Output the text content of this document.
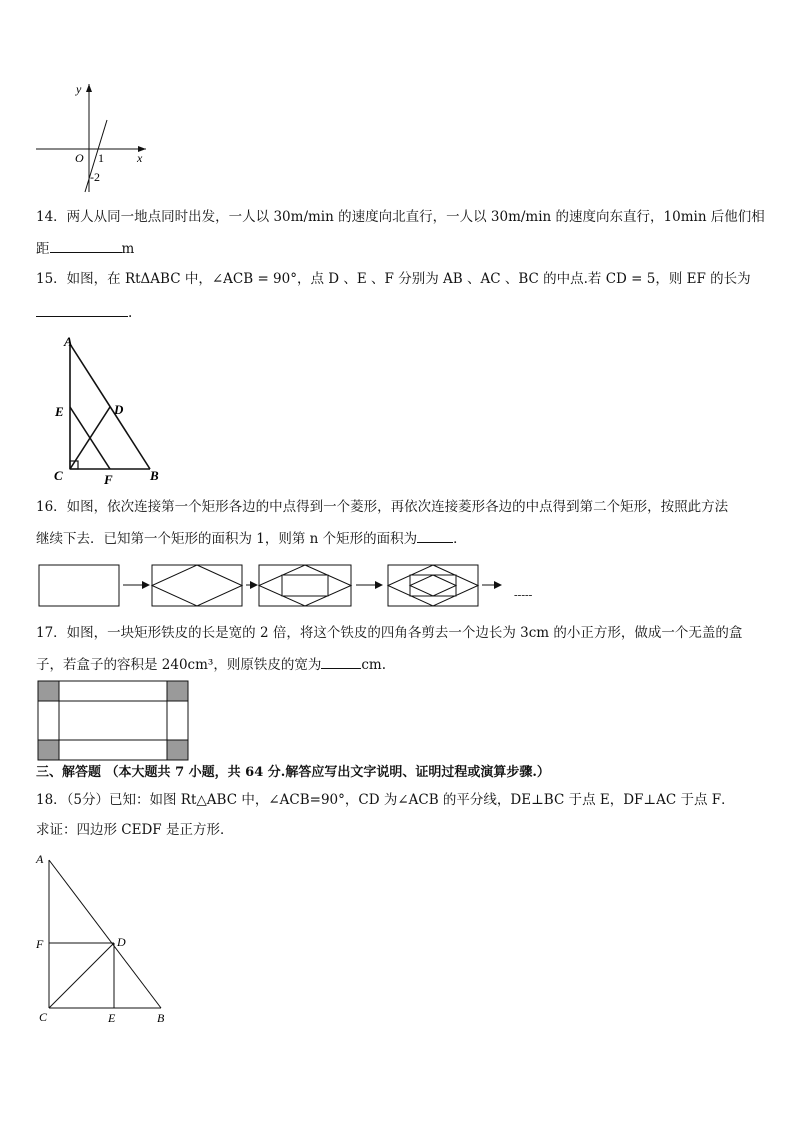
y
x
O 1
-2
14．两人从同一地点同时出发，一人以 30m/min 的速度向北直行，一人以 30m/min 的速度向东直行，10min 后他们相
距	m
15．如图，在 RtΔABC 中，∠ACB = 90°，点 D 、E 、F 分别为 AB 、AC 、BC 的中点.若 CD = 5，则 EF 的长为
.
A
E	D
C	F	B
16．如图，依次连接第一个矩形各边的中点得到一个菱形，再依次连接菱形各边的中点得到第二个矩形，按照此方法
继续下去．已知第一个矩形的面积为 1，则第 n 个矩形的面积为	．
-----
17．如图，一块矩形铁皮的长是宽的 2 倍，将这个铁皮的四角各剪去一个边长为 3cm 的小正方形，做成一个无盖的盒
子，若盒子的容积是 240cm³，则原铁皮的宽为	cm.
三、解答题 （本大题共 7 小题，共 64 分.解答应写出文字说明、证明过程或演算步骤.）
18．（5分）已知：如图 Rt△ABC 中，∠ACB=90°，CD 为∠ACB 的平分线，DE⊥BC 于点 E，DF⊥AC 于点 F．
求证：四边形 CEDF 是正方形．
A
F	D
C	E	B
